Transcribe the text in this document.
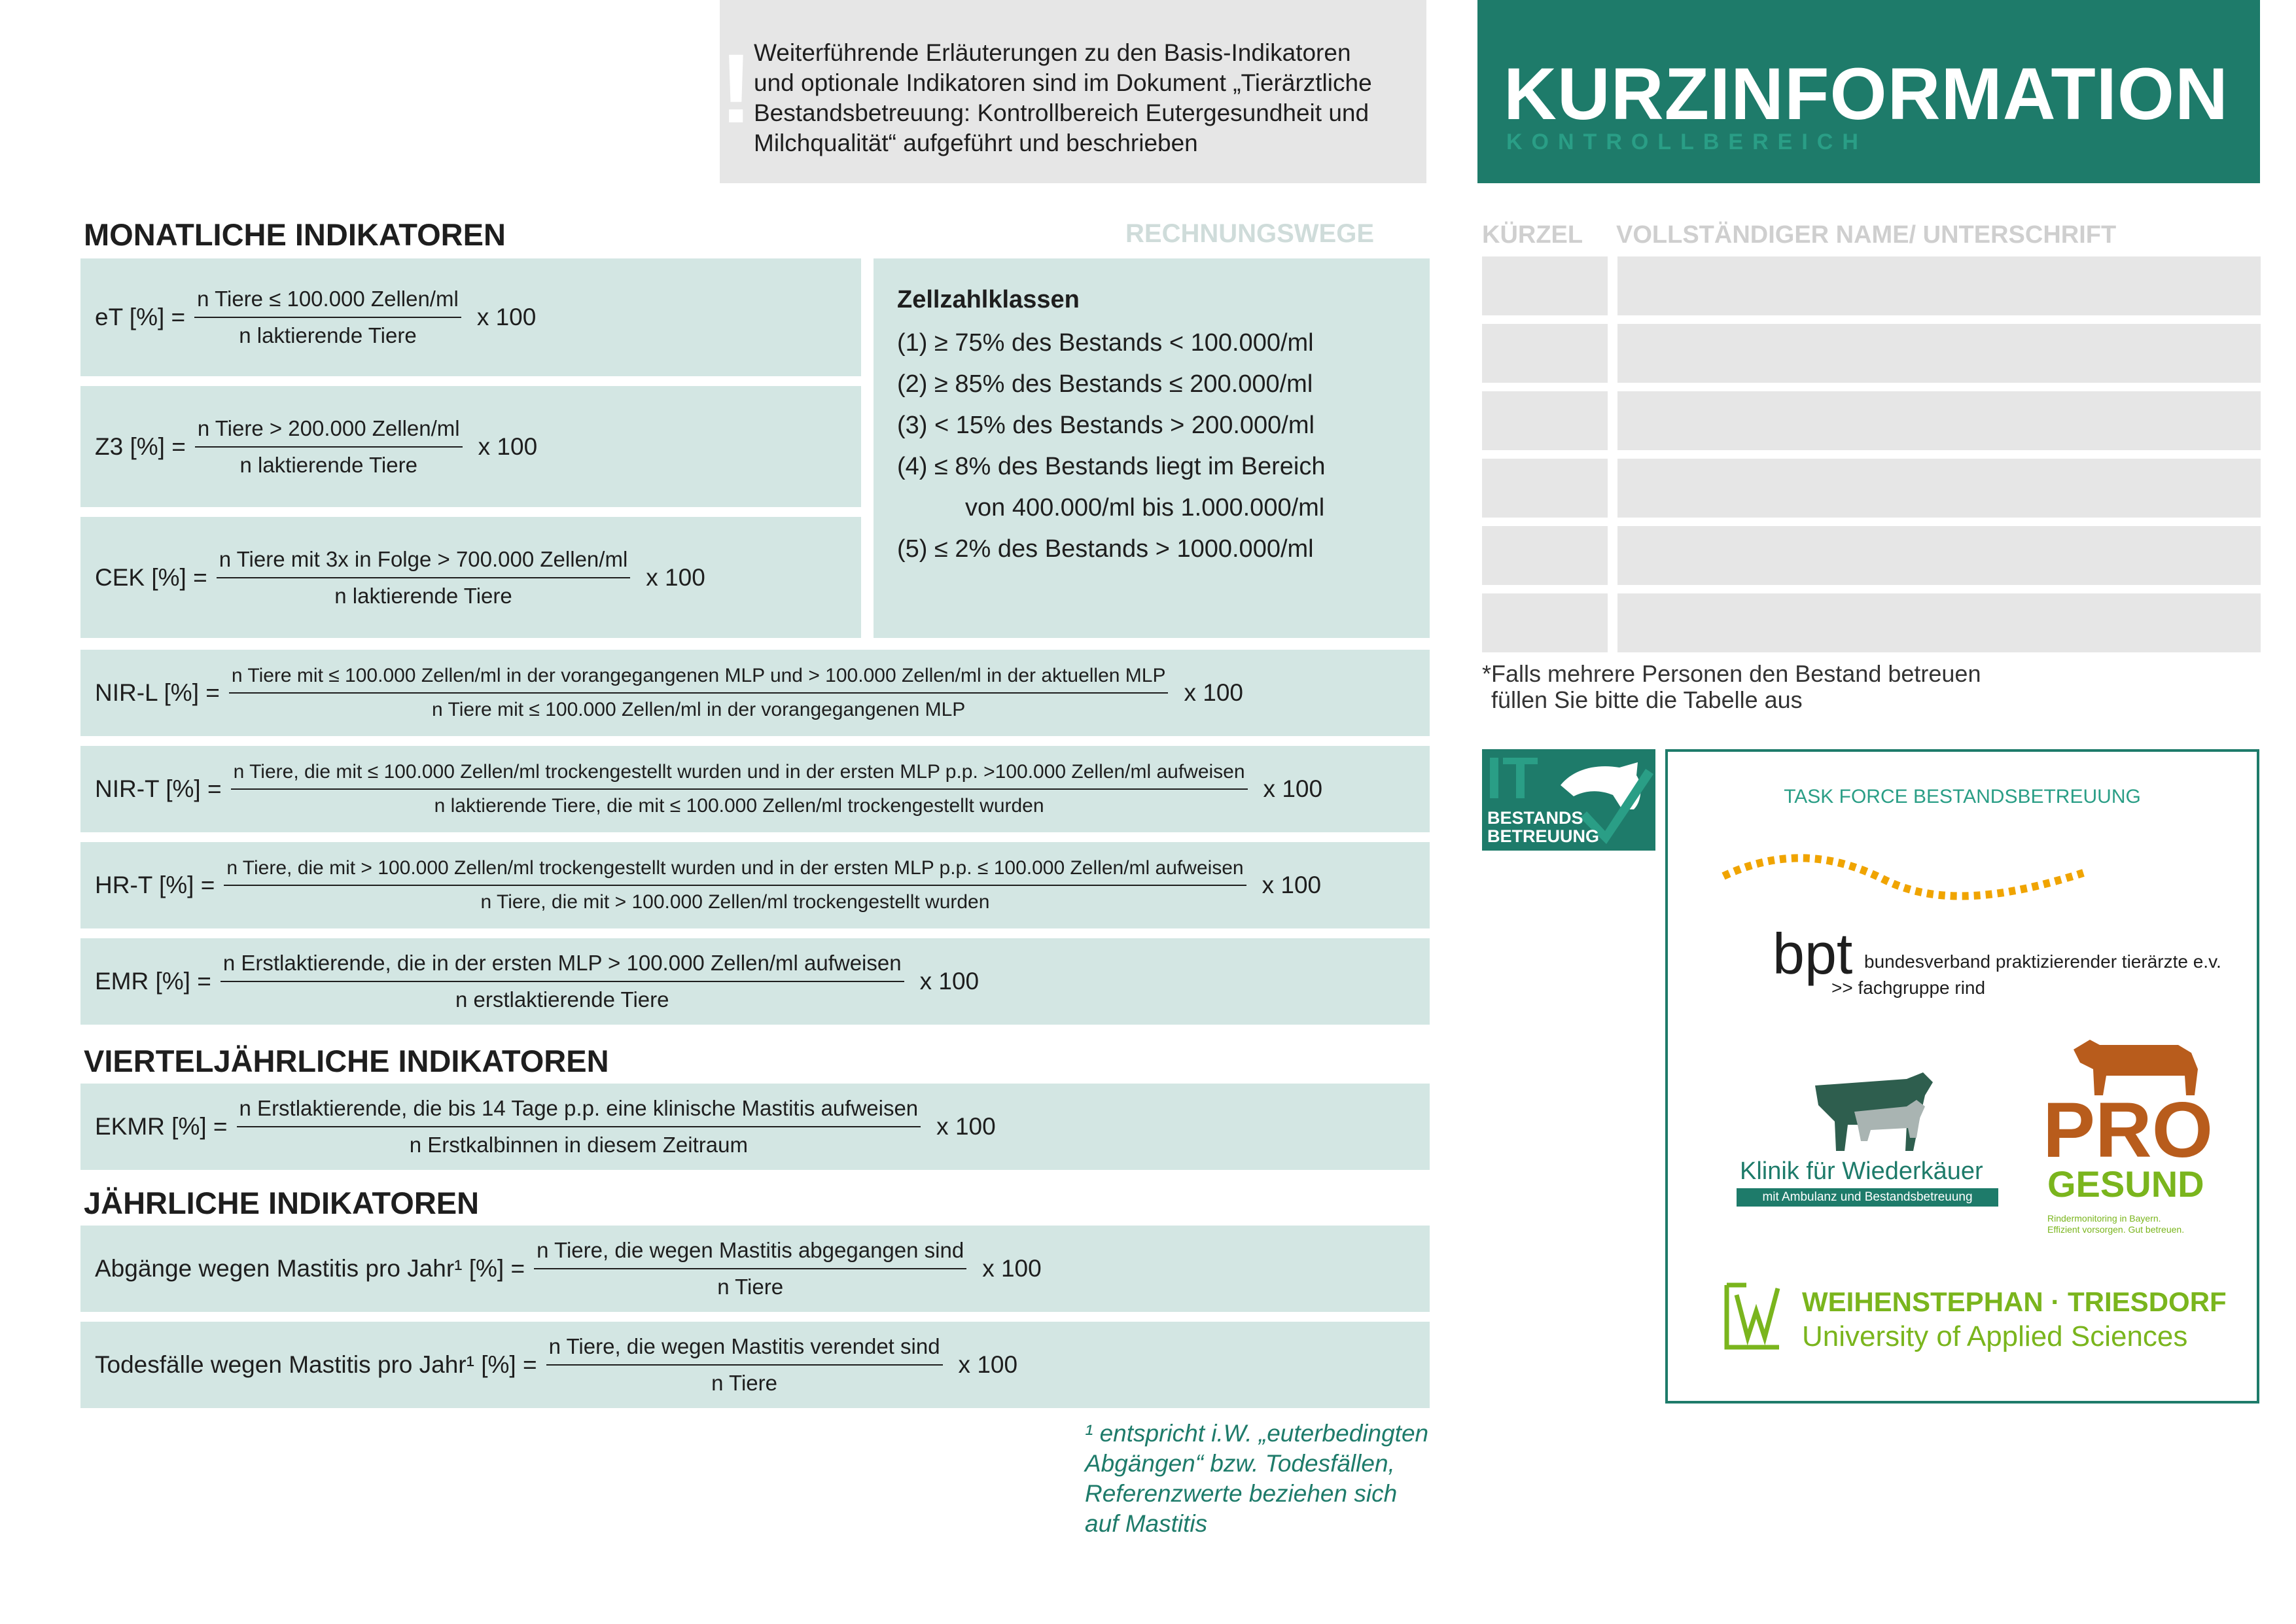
! Weiterführende Erläuterungen zu den Basis-Indikatoren
und optionale Indikatoren sind im Dokument „Tierärztliche
Bestandsbetreuung: Kontrollbereich Eutergesundheit und
Milchqualität“ aufgeführt und beschrieben
KURZINFORMATION
KONTROLLBEREICH
MONATLICHE INDIKATOREN	RECHNUNGSWEGE
eT [%] = $\frac{\text{n Tiere ≤ 100.000 Zellen/ml}}{\text{n laktierende Tiere}}$ x 100
Z3 [%] = $\frac{\text{n Tiere > 200.000 Zellen/ml}}{\text{n laktierende Tiere}}$ x 100
CEK [%] = $\frac{\text{n Tiere mit 3x in Folge > 700.000 Zellen/ml}}{\text{n laktierende Tiere}}$ x 100
Zellzahlklassen
(1) ≥ 75% des Bestands < 100.000/ml
(2) ≥ 85% des Bestands ≤ 200.000/ml
(3) < 15% des Bestands > 200.000/ml
(4) ≤ 8% des Bestands liegt im Bereich
von 400.000/ml bis 1.000.000/ml
(5) ≤ 2% des Bestands > 1000.000/ml
NIR-L [%] =
n Tiere mit ≤ 100.000 Zellen/ml in der vorangegangenen MLP und > 100.000 Zellen/ml in der aktuellen MLP
n Tiere mit ≤ 100.000 Zellen/ml in der vorangegangenen MLP
x 100
NIR-T [%] =
n Tiere, die mit ≤ 100.000 Zellen/ml trockengestellt wurden und in der ersten MLP p.p. >100.000 Zellen/ml aufweisen
n laktierende Tiere, die mit ≤ 100.000 Zellen/ml trockengestellt wurden
x 100
HR-T [%] =
n Tiere, die mit > 100.000 Zellen/ml trockengestellt wurden und in der ersten MLP p.p. ≤ 100.000 Zellen/ml aufweisen
n Tiere, die mit > 100.000 Zellen/ml trockengestellt wurden
x 100
EMR [%] =
n Erstlaktierende, die in der ersten MLP > 100.000 Zellen/ml aufweisen
n erstlaktierende Tiere
x 100
VIERTELJÄHRLICHE INDIKATOREN
EKMR [%] =
n Erstlaktierende, die bis 14 Tage p.p. eine klinische Mastitis aufweisen
n Erstkalbinnen in diesem Zeitraum
x 100
JÄHRLICHE INDIKATOREN
Abgänge wegen Mastitis pro Jahr¹ [%] = $\frac{\text{n Tiere, die wegen Mastitis abgegangen sind}}{\text{n Tiere}}$ x 100
Todesfälle wegen Mastitis pro Jahr¹ [%] = $\frac{\text{n Tiere, die wegen Mastitis verendet sind}}{\text{n Tiere}}$ x 100
KÜRZEL VOLLSTÄNDIGER NAME/ UNTERSCHRIFT
*Falls mehrere Personen den Bestand betreuen
füllen Sie bitte die Tabelle aus
IT
BESTANDS
BETREUUNG
TASK FORCE BESTANDSBETREUUNG
bpt bundesverband praktizierender tierärzte e.v.
>> fachgruppe rind
Klinik für Wiederkäuer
mit Ambulanz und Bestandsbetreuung
PRO
GESUND
Rindermonitoring in Bayern.
Effizient vorsorgen. Gut betreuen.
WEIHENSTEPHAN · TRIESDORF
University of Applied Sciences
¹ entspricht i.W. „euterbedingten
Abgängen“ bzw. Todesfällen,
Referenzwerte beziehen sich
auf Mastitis
